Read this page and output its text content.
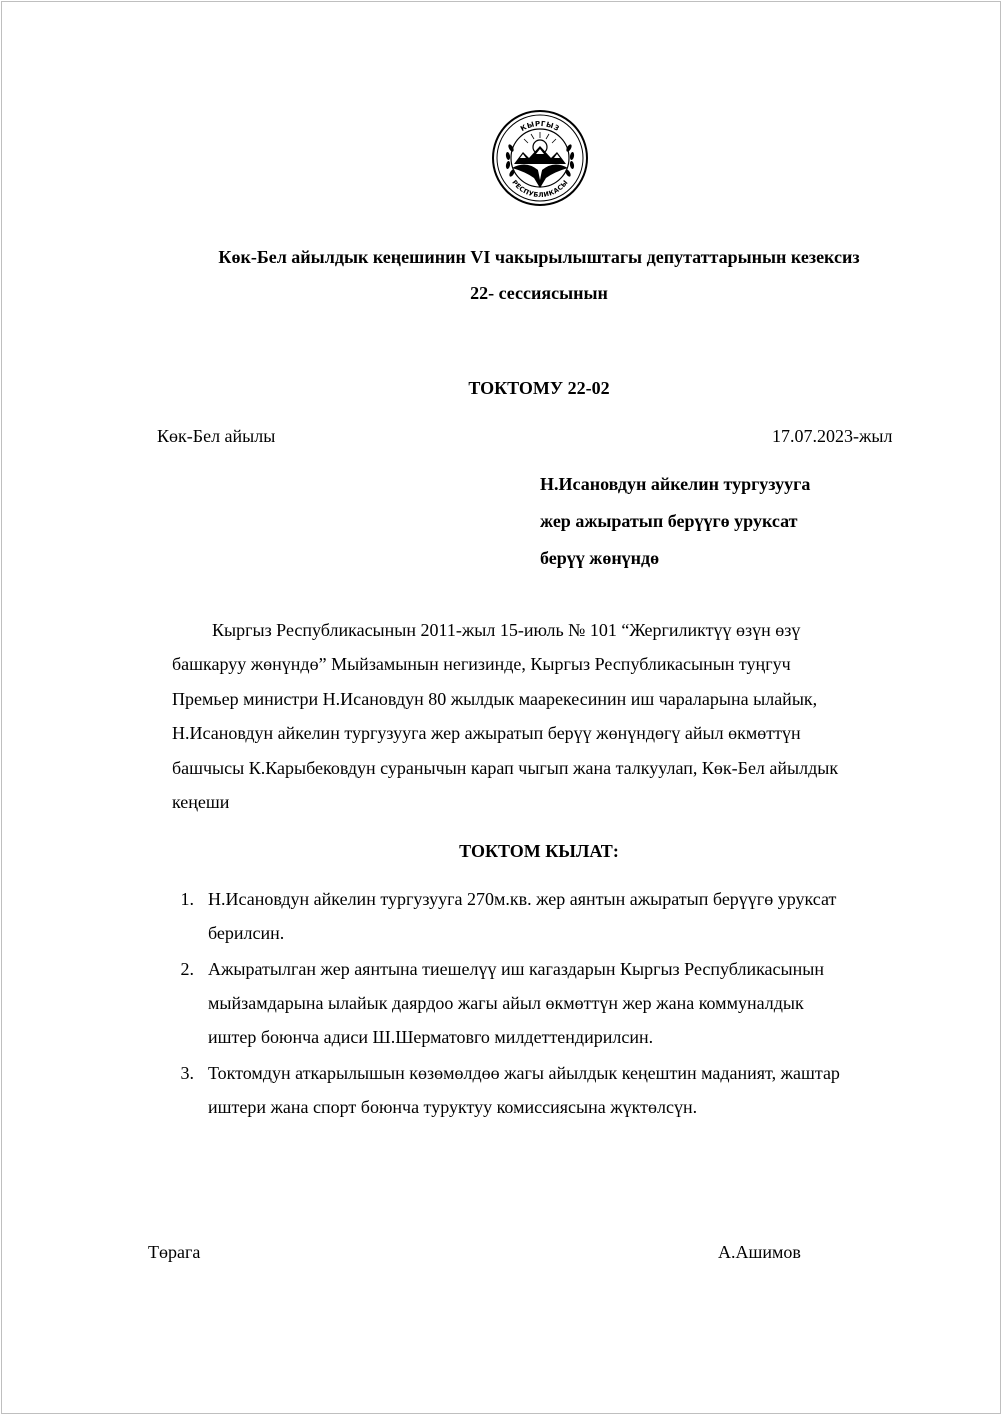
КЫРГЫЗ
РЕСПУБЛИКАСЫ
Көк-Бел айылдык кеңешинин VI чакырылыштагы депутаттарынын кезексиз
22- сессиясынын
ТОКТОМУ 22-02
Көк-Бел айылы	17.07.2023-жыл
Н.Исановдун айкелин тургузууга
жер ажыратып берүүгө уруксат
берүү жөнүндө
Кыргыз Республикасынын 2011-жыл 15-июль № 101 “Жергиликтүү өзүн өзү
башкаруу жөнүндө” Мыйзамынын негизинде, Кыргыз Республикасынын туңгуч
Премьер министри Н.Исановдун 80 жылдык маарекесинин иш чараларына ылайык,
Н.Исановдун айкелин тургузууга жер ажыратып берүү жөнүндөгү айыл өкмөттүн
башчысы К.Карыбековдун суранычын карап чыгып жана талкуулап, Көк-Бел айылдык
кеңеши
ТОКТОМ КЫЛАТ:
1. Н.Исановдун айкелин тургузууга 270м.кв. жер аянтын ажыратып берүүгө уруксат
берилсин.
2. Ажыратылган жер аянтына тиешелүү иш кагаздарын Кыргыз Республикасынын
мыйзамдарына ылайык даярдоо жагы айыл өкмөттүн жер жана коммуналдык
иштер боюнча адиси Ш.Шерматовго милдеттендирилсин.
3. Токтомдун аткарылышын көзөмөлдөө жагы айылдык кеңештин маданият, жаштар
иштери жана спорт боюнча туруктуу комиссиясына жүктөлсүн.
Төрага	А.Ашимов
